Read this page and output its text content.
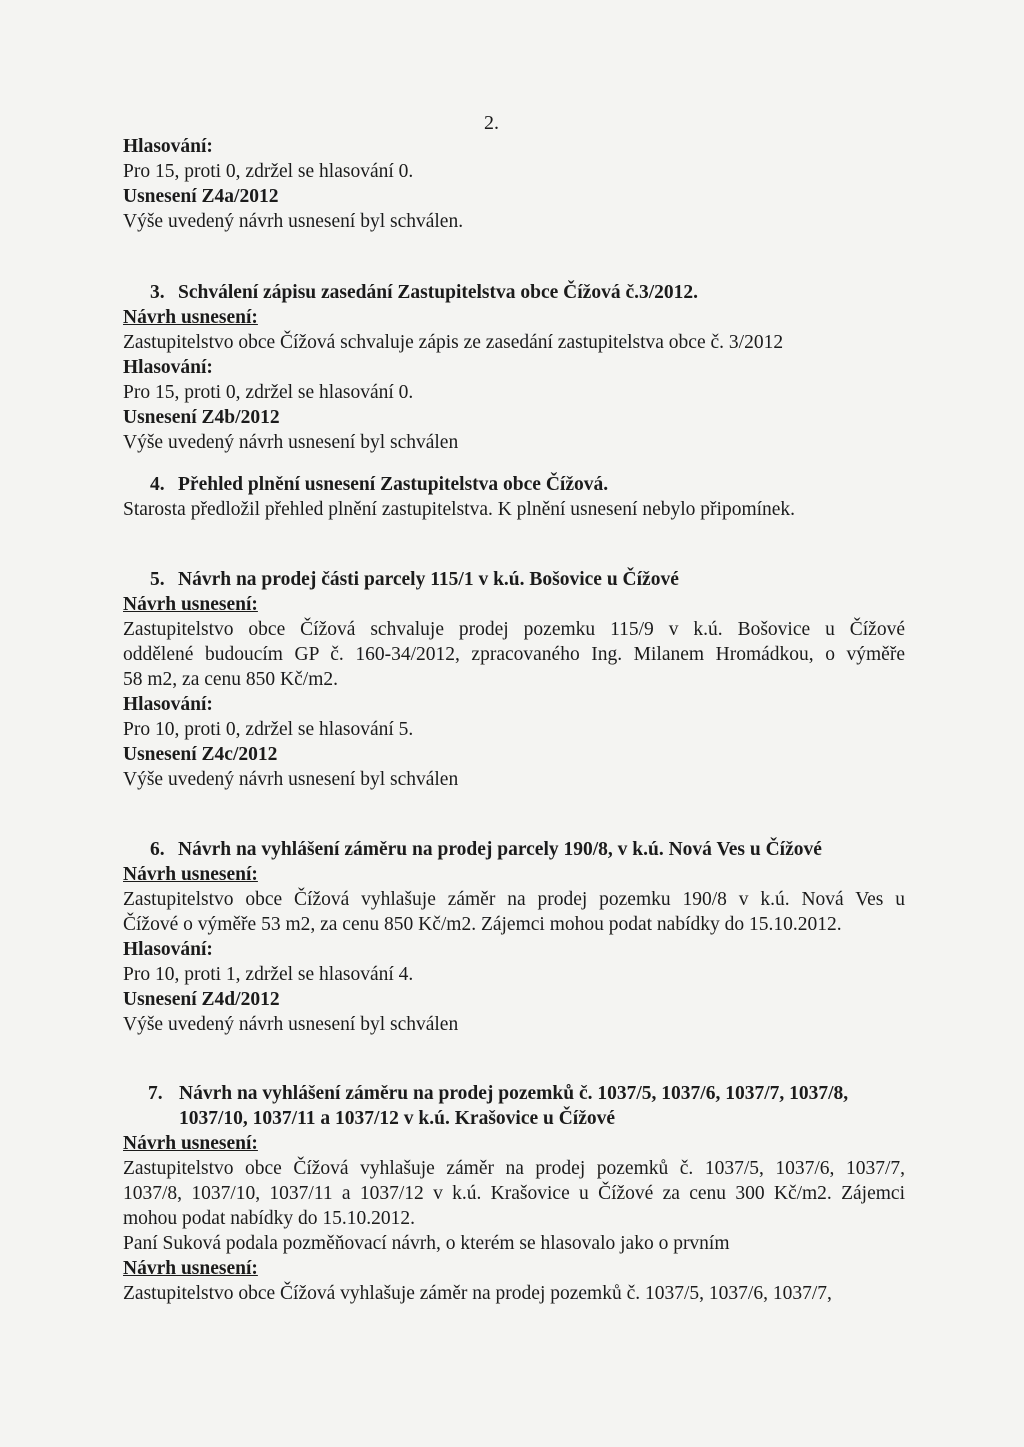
2.
Hlasování:
Pro 15, proti 0, zdržel se hlasování 0.
Usnesení Z4a/2012
Výše uvedený návrh usnesení byl schválen.
3. Schválení zápisu zasedání Zastupitelstva obce Čížová č.3/2012.
Návrh usnesení:
Zastupitelstvo obce Čížová schvaluje zápis ze zasedání zastupitelstva obce č. 3/2012
Hlasování:
Pro 15, proti 0, zdržel se hlasování 0.
Usnesení Z4b/2012
Výše uvedený návrh usnesení byl schválen
4. Přehled plnění usnesení Zastupitelstva obce Čížová.
Starosta předložil přehled plnění zastupitelstva. K plnění usnesení nebylo připomínek.
5. Návrh na prodej části parcely 115/1 v k.ú. Bošovice u Čížové
Návrh usnesení:
Zastupitelstvo obce Čížová schvaluje prodej pozemku 115/9 v k.ú. Bošovice u Čížové
oddělené budoucím GP č. 160-34/2012, zpracovaného Ing. Milanem Hromádkou, o výměře
58 m2, za cenu 850 Kč/m2.
Hlasování:
Pro 10, proti 0, zdržel se hlasování 5.
Usnesení Z4c/2012
Výše uvedený návrh usnesení byl schválen
6. Návrh na vyhlášení záměru na prodej parcely 190/8, v k.ú. Nová Ves u Čížové
Návrh usnesení:
Zastupitelstvo obce Čížová vyhlašuje záměr na prodej pozemku 190/8 v k.ú. Nová Ves u
Čížové o výměře 53 m2, za cenu 850 Kč/m2. Zájemci mohou podat nabídky do 15.10.2012.
Hlasování:
Pro 10, proti 1, zdržel se hlasování 4.
Usnesení Z4d/2012
Výše uvedený návrh usnesení byl schválen
7. Návrh na vyhlášení záměru na prodej pozemků č. 1037/5, 1037/6, 1037/7, 1037/8,
1037/10, 1037/11 a 1037/12 v k.ú. Krašovice u Čížové
Návrh usnesení:
Zastupitelstvo obce Čížová vyhlašuje záměr na prodej pozemků č. 1037/5, 1037/6, 1037/7,
1037/8, 1037/10, 1037/11 a 1037/12 v k.ú. Krašovice u Čížové za cenu 300 Kč/m2. Zájemci
mohou podat nabídky do 15.10.2012.
Paní Suková podala pozměňovací návrh, o kterém se hlasovalo jako o prvním
Návrh usnesení:
Zastupitelstvo obce Čížová vyhlašuje záměr na prodej pozemků č. 1037/5, 1037/6, 1037/7,
